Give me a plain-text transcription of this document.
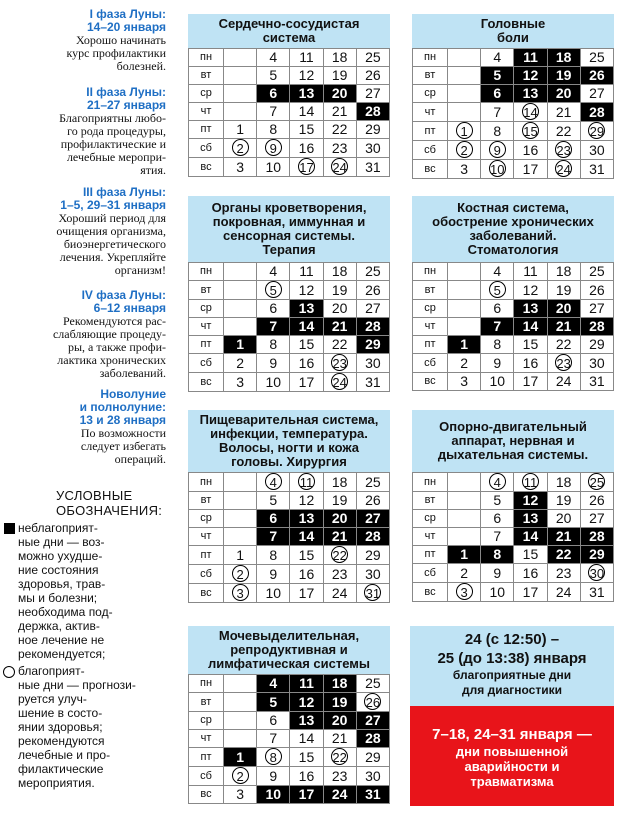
I фаза Луны:
14–20 января
Хорошо начинать
курс профилактики
болезней.
II фаза Луны:
21–27 января
Благоприятны любо-
го рода процедуры,
профилактические и
лечебные меропри-
ятия.
III фаза Луны:
1–5, 29–31 января
Хороший период для
очищения организма,
биоэнергетического
лечения. Укрепляйте
организм!
IV фаза Луны:
6–12 января
Рекомендуются рас-
слабляющие процеду-
ры, а также профи-
лактика хронических
заболеваний.
Новолуние
и полнолуние:
13 и 28 января
По возможности
следует избегать
операций.
УСЛОВНЫЕ
ОБОЗНАЧЕНИЯ:
неблагоприят-
ные дни — воз-
можно ухудше-
ние состояния
здоровья, трав-
мы и болезни;
необходима под-
держка, актив-
ное лечение не
рекомендуется;
благоприят-
ные дни — прогнози-
руется улуч-
шение в состо-
янии здоровья;
рекомендуются
лечебные и про-
филактические
мероприятия.
Сердечно-сосудистая
система
пн		4	11	18	25
вт		5	12	19	26
ср		6	13	20	27
чт		7	14	21	28
пт	1	8	15	22	29
сб	2	9	16	23	30
вс	3	10	17	24	31
Головные
боли
пн		4	11	18	25
вт		5	12	19	26
ср		6	13	20	27
чт		7	14	21	28
пт	1	8	15	22	29
сб	2	9	16	23	30
вс	3	10	17	24	31
Органы кроветворения,
покровная, иммунная и
сенсорная системы.
Терапия
пн		4	11	18	25
вт		5	12	19	26
ср		6	13	20	27
чт		7	14	21	28
пт	1	8	15	22	29
сб	2	9	16	23	30
вс	3	10	17	24	31
Костная система,
обострение хронических
заболеваний.
Стоматология
пн		4	11	18	25
вт		5	12	19	26
ср		6	13	20	27
чт		7	14	21	28
пт	1	8	15	22	29
сб	2	9	16	23	30
вс	3	10	17	24	31
Пищеварительная система,
инфекции, температура.
Волосы, ногти и кожа
головы. Хирургия
пн		4	11	18	25
вт		5	12	19	26
ср		6	13	20	27
чт		7	14	21	28
пт	1	8	15	22	29
сб	2	9	16	23	30
вс	3	10	17	24	31
Опорно-двигательный
аппарат, нервная и
дыхательная системы.
пн		4	11	18	25
вт		5	12	19	26
ср		6	13	20	27
чт		7	14	21	28
пт	1	8	15	22	29
сб	2	9	16	23	30
вс	3	10	17	24	31
Мочевыделительная,
репродуктивная и
лимфатическая системы
пн		4	11	18	25
вт		5	12	19	26
ср		6	13	20	27
чт		7	14	21	28
пт	1	8	15	22	29
сб	2	9	16	23	30
вс	3	10	17	24	31
24 (с 12:50) –
25 (до 13:38) января
благоприятные дни
для диагностики
7–18, 24–31 января —
дни повышенной
аварийности и
травматизма
